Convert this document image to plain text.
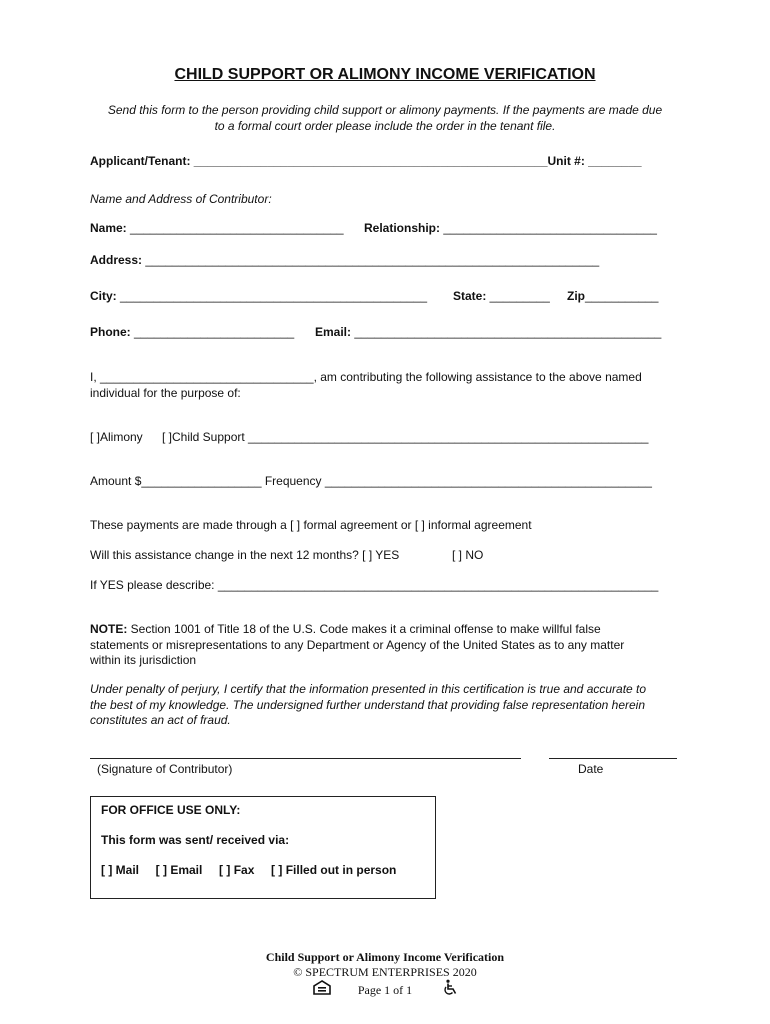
CHILD SUPPORT OR ALIMONY INCOME VERIFICATION
Send this form to the person providing child support or alimony payments. If the payments are made due
to a formal court order please include the order in the tenant file.
Applicant/Tenant: _____________________________________________________Unit #: ________
Name and Address of Contributor:
Name: ________________________________ Relationship: ________________________________
Address: ____________________________________________________________________
City: ______________________________________________ State: _________ Zip___________
Phone: ________________________ Email: ______________________________________________
I, ________________________________, am contributing the following assistance to the above named
individual for the purpose of:
[ ]Alimony [ ]Child Support ____________________________________________________________
Amount $__________________ Frequency _________________________________________________
These payments are made through a [ ] formal agreement or [ ] informal agreement
Will this assistance change in the next 12 months? [ ] YES	[ ] NO
If YES please describe: __________________________________________________________________
NOTE: Section 1001 of Title 18 of the U.S. Code makes it a criminal offense to make willful false
statements or misrepresentations to any Department or Agency of the United States as to any matter
within its jurisdiction
Under penalty of perjury, I certify that the information presented in this certification is true and accurate to
the best of my knowledge. The undersigned further understand that providing false representation herein
constitutes an act of fraud.
(Signature of Contributor)	Date
FOR OFFICE USE ONLY:
This form was sent/ received via:
[ ] Mail [ ] Email [ ] Fax [ ] Filled out in person
Child Support or Alimony Income Verification
© SPECTRUM ENTERPRISES 2020
Page 1 of 1
